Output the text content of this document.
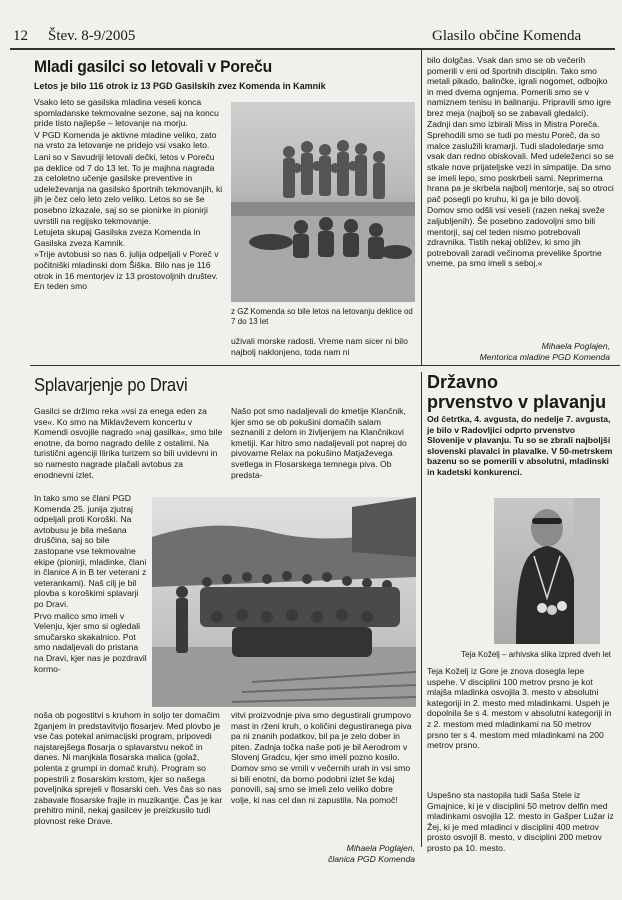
12 Štev. 8-9/2005	Glasilo občine Komenda
Mladi gasilci so letovali v Poreču
Letos je bilo 116 otrok iz 13 PGD Gasilskih zvez Komenda in Kamnik

Vsako leto se gasilska mladina veseli konca spomladanske tekmovalne sezone, saj na koncu pride tisto najlepše – letovanje na morju.

V PGD Komenda je aktivne mladine veliko, zato na vrsto za letovanje ne pridejo vsi vsako leto.

Lani so v Savudriji letovali dečki, letos v Poreču pa deklice od 7 do 13 let. To je majhna nagrada za celoletno učenje gasilske preventive in udeleževanja na gasilsko športnih tekmovanjih, ki jih je čez celo leto zelo veliko. Letos so se še posebno izkazale, saj so se pionirke in pionirji uvrstili na regijsko tekmovanje.

Letujeta skupaj Gasilska zveza Komenda in Gasilska zveza Kamnik.

»Trije avtobusi so nas 6. julija odpeljali v Poreč v počitniški mladinski dom Šiška. Bilo nas je 116 otrok in 16 mentorjev iz 13 prostovoljnih društev. En teden smo

z GZ Komenda so bile letos na letovanju deklice od 7 do 13 let
uživali morske radosti. Vreme nam sicer ni bilo najbolj naklonjeno, toda nam ni

bilo dolgčas. Vsak dan smo se ob večerih pomerili v eni od športnih disciplin. Tako smo metali pikado, balinčke, igrali nogomet, odbojko in med dvema ognjema. Pomerili smo se v namiznem tenisu in balinanju. Pripravili smo igre brez meja (najbolj so se zabavali gledalci). Zadnji dan smo izbirali Miss in Mistra Poreča.

Sprehodili smo se tudi po mestu Poreč, da so malce zaslužili kramarji. Tudi sladoledarje smo vsak dan redno obiskovali. Med udeleženci so se stkale nove prijateljske vezi in simpatije. Da smo se imeli lepo, smo poskrbeli sami. Neprimerna hrana pa je skrbela najbolj mentorje, saj so otroci pač posegli po kruhu, ki ga je bilo dovolj.

Domov smo odšli vsi veseli (razen nekaj sveže zaljubljenih). Še posebno zadovoljni smo bili mentorji, saj cel teden nismo potrebovali zdravnika. Tistih nekaj obližev, ki smo jih potrebovali zaradi večinoma prevelike športne vneme, pa smo imeli s seboj.«

Mihaela Poglajen,
Mentorica mladine PGD Komenda
Splavarjenje po Dravi
Gasilci se držimo reka »vsi za enega eden za vse«. Ko smo na Miklavževem koncertu v Komendi osvojile nagrado »naj gasilka«, smo bile enotne, da bomo nagrado delile z ostalimi. Na turistični agenciji Ilirika turizem so bili uvidevni in so namesto nagrade plačali avtobus za enodnevni izlet.
Našo pot smo nadaljevali do kmetije Klančnik, kjer smo se ob pokušini domačih salam seznanili z delom in življenjem na Klančnikovi kmetiji. Kar hitro smo nadaljevali pot naprej do pivovarne Relax na pokušino Matjaževega svetlega in Flosarskega temnega piva. Ob predsta-

In tako smo se člani PGD Komenda 25. junija zjutraj odpeljali proti Koroški. Na avtobusu je bila mešana druščina, saj so bile zastopane vse tekmovalne ekipe (pionirji, mladinke, člani in članice A in B ter veterani z veterankami). Naš cilj je bil plovba s koroškimi splavarji po Dravi.

Prvo malico smo imeli v Velenju, kjer smo si ogledali smučarsko skakalnico. Pot smo nadaljevali do pristana na Dravi, kjer nas je pozdravil kormo-

noša ob pogostitvi s kruhom in soljo ter domačim žganjem in predstavitvijo flosarjev. Med plovbo je vse čas potekal animacijski program, pripovedi najstarejšega flosarja o splavarstvu nekoč in danes. Ni manjkala flosarska malica (golaž, polenta z grumpi in domač kruh). Program so popestrili z flosarskim krstom, kjer so našega poveljnika sprejeli v flosarski ceh. Ves čas so nas zabavale flosarske frajle in muzikantje. Čas je kar prehitro minil, nekaj gasilcev je preizkusilo tudi plovnost reke Drave.
vitvi proizvodnje piva smo degustirali grumpovo mast in rženi kruh, o količini degustiranega piva pa ni znanih podatkov, bil pa je zelo dober in piten. Zadnja točka naše poti je bil Aerodrom v Slovenj Gradcu, kjer smo imeli pozno kosilo. Domov smo se vrnili v večernih urah in vsi smo si bili enotni, da bomo podobni izlet še kdaj ponovili, saj smo se imeli zelo veliko dobre volje, ki nas cel dan ni zapustila. Na pomoč!
Mihaela Poglajen,
članica PGD Komenda
Državno
prvenstvo v plavanju
Od četrtka, 4. avgusta, do nedelje 7. avgusta, je bilo v Radovljici odprto prvenstvo Slovenije v plavanju. Tu so se zbrali najboljši slovenski plavalci in plavalke. V 50-metrskem bazenu so se pomerili v absolutni, mladinski in kadetski konkurenci.
Teja Koželj – arhivska slika izpred dveh let
Teja Koželj iz Gore je znova dosegla lepe uspehe. V disciplini 100 metrov prsno je kot mlajša mladinka osvojila 3. mesto v absolutni kategoriji in 2. mesto med mladinkami. Uspeh je dopolnila še s 4. mestom v absolutni kategoriji in z 2. mestom med mladinkami na 50 metrov prsno ter s 4. mestom med mladinkami na 200 metrov prsno.
Uspešno sta nastopila tudi Saša Stele iz Gmajnice, ki je v disciplini 50 metrov delfin med mladinkami osvojila 12. mesto in Gašper Lužar iz Žej, ki je med mladinci v disciplini 400 metrov prosto osvojil 8. mesto, v disciplini 200 metrov prosto pa 10. mesto.
